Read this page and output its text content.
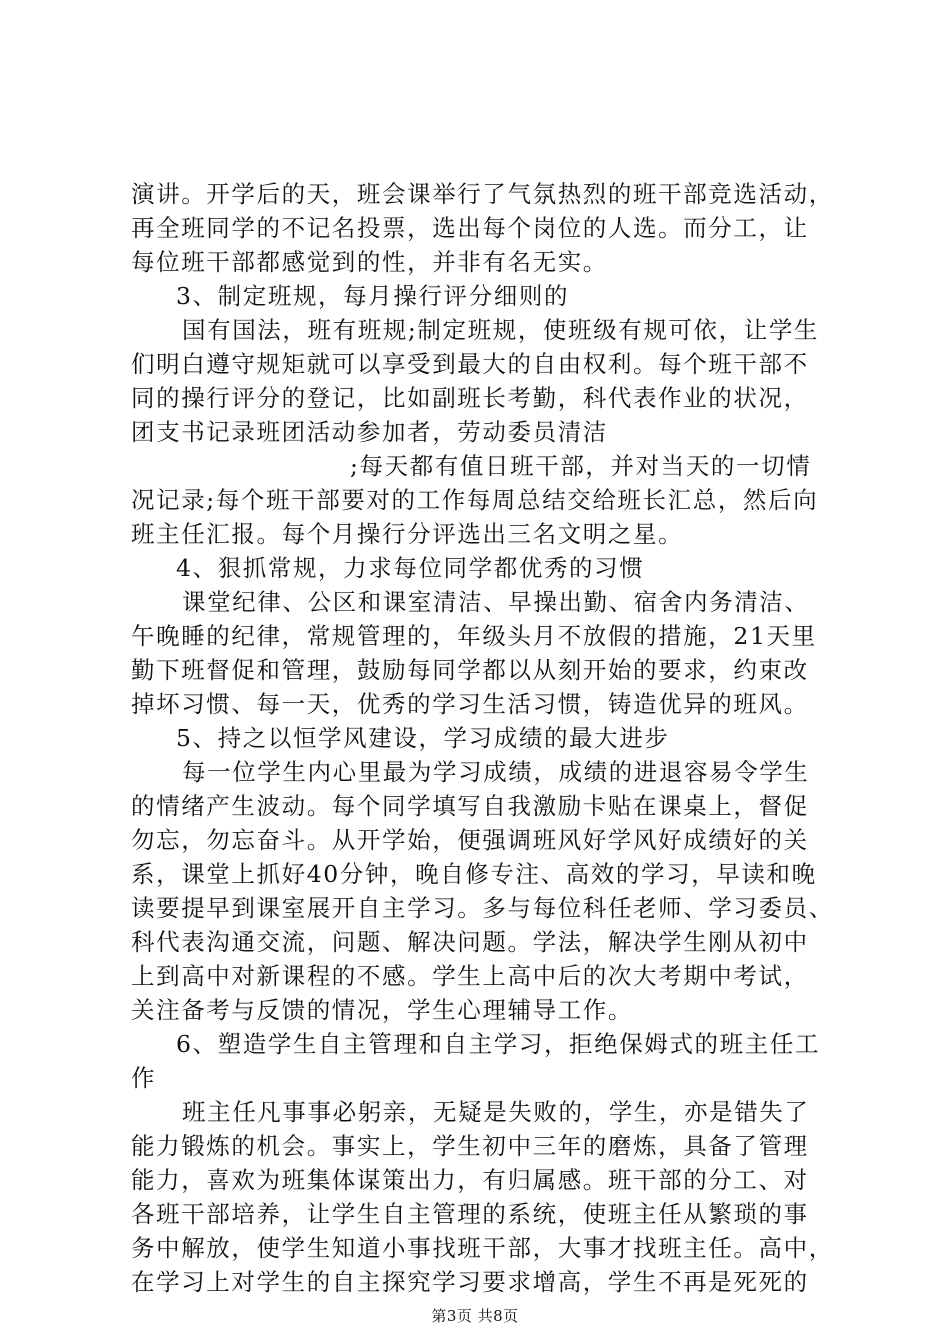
演讲。开学后的天，班会课举行了气氛热烈的班干部竞选活动，
再全班同学的不记名投票，选出每个岗位的人选。而分工，让
每位班干部都感觉到的性，并非有名无实。
3、制定班规，每月操行评分细则的
国有国法，班有班规;制定班规，使班级有规可依，让学生
们明白遵守规矩就可以享受到最大的自由权利。每个班干部不
同的操行评分的登记，比如副班长考勤，科代表作业的状况，
团支书记录班团活动参加者，劳动委员清洁
;每天都有值日班干部，并对当天的一切情
况记录;每个班干部要对的工作每周总结交给班长汇总，然后向
班主任汇报。每个月操行分评选出三名文明之星。
4、狠抓常规，力求每位同学都优秀的习惯
课堂纪律、公区和课室清洁、早操出勤、宿舍内务清洁、
午晚睡的纪律，常规管理的，年级头月不放假的措施，21天里
勤下班督促和管理，鼓励每同学都以从刻开始的要求，约束改
掉坏习惯、每一天，优秀的学习生活习惯，铸造优异的班风。
5、持之以恒学风建设，学习成绩的最大进步
每一位学生内心里最为学习成绩，成绩的进退容易令学生
的情绪产生波动。每个同学填写自我激励卡贴在课桌上，督促
勿忘，勿忘奋斗。从开学始，便强调班风好学风好成绩好的关
系，课堂上抓好40分钟，晚自修专注、高效的学习，早读和晚
读要提早到课室展开自主学习。多与每位科任老师、学习委员、
科代表沟通交流，问题、解决问题。学法，解决学生刚从初中
上到高中对新课程的不感。学生上高中后的次大考期中考试，
关注备考与反馈的情况，学生心理辅导工作。
6、塑造学生自主管理和自主学习，拒绝保姆式的班主任工
作
班主任凡事事必躬亲，无疑是失败的，学生，亦是错失了
能力锻炼的机会。事实上，学生初中三年的磨炼，具备了管理
能力，喜欢为班集体谋策出力，有归属感。班干部的分工、对
各班干部培养，让学生自主管理的系统，使班主任从繁琐的事
务中解放，使学生知道小事找班干部，大事才找班主任。高中，
在学习上对学生的自主探究学习要求增高，学生不再是死死的
第3页 共8页
